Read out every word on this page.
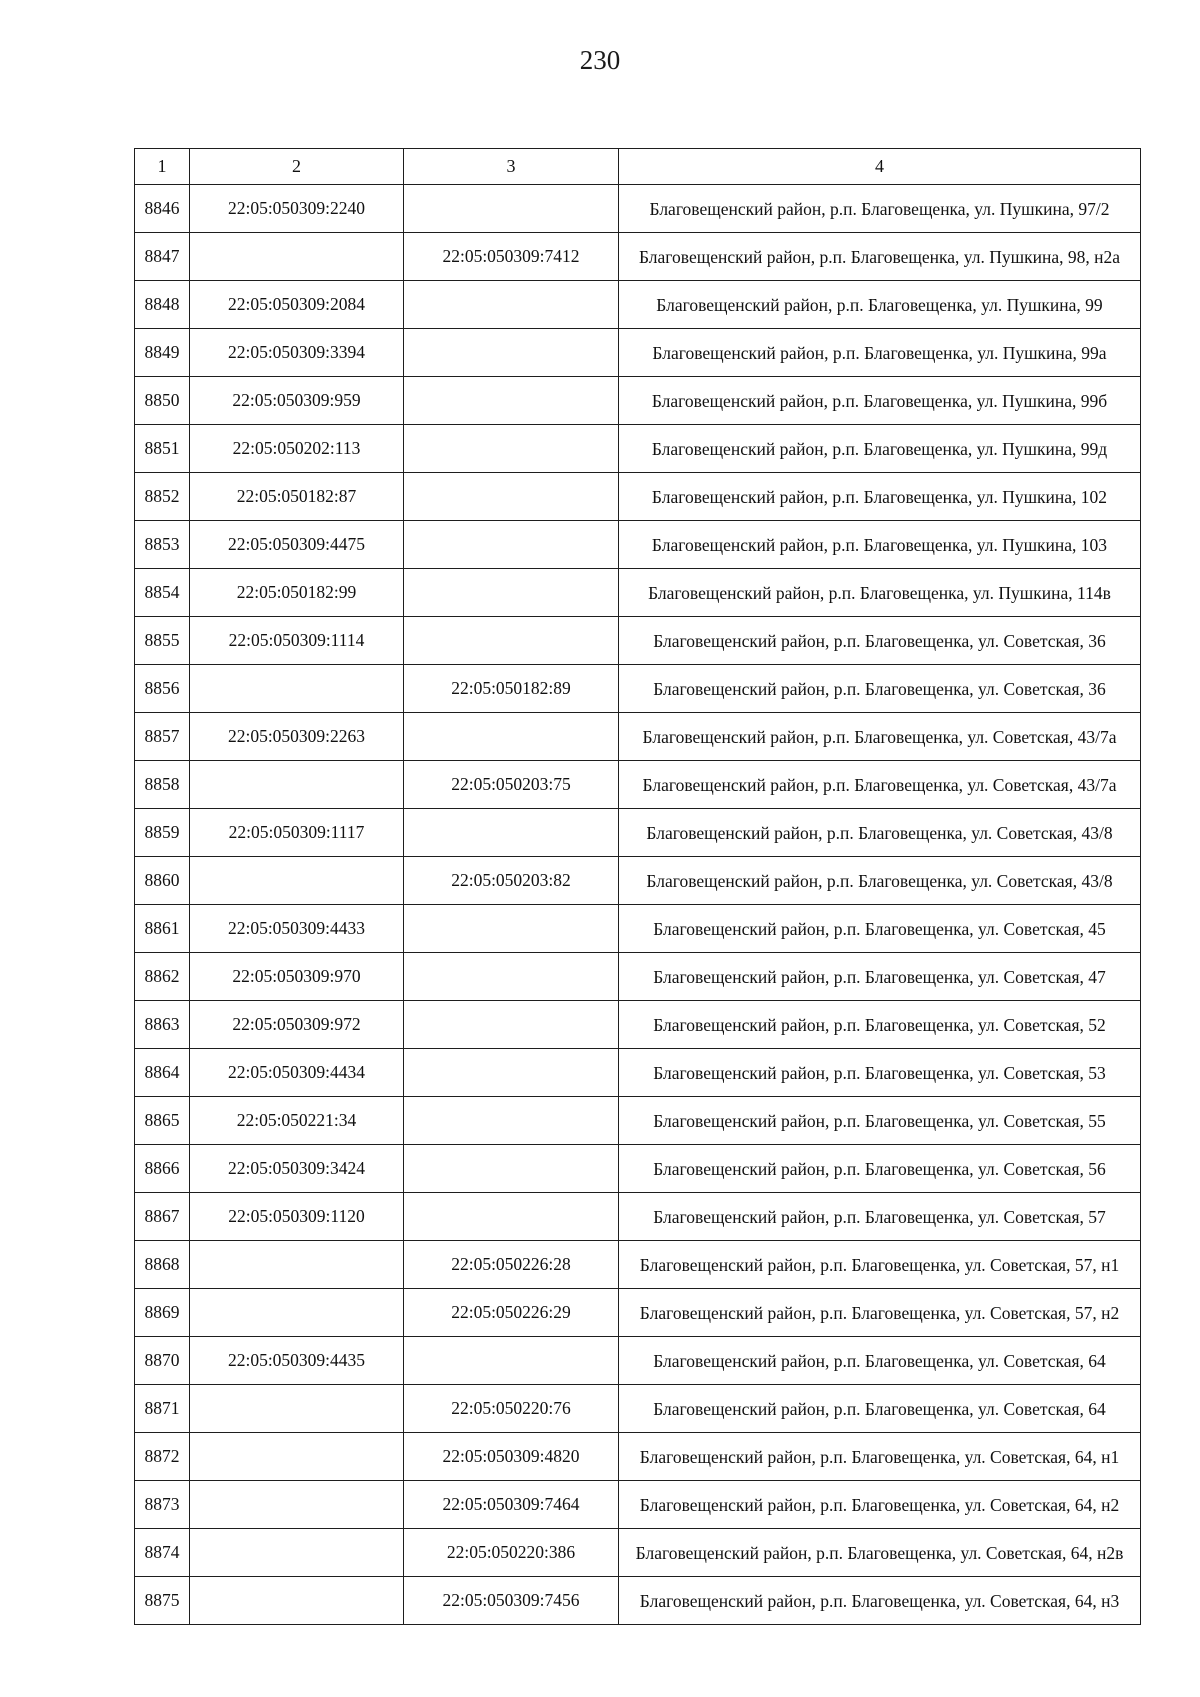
230
1	2	3	4
8846	22:05:050309:2240		Благовещенский район, р.п. Благовещенка, ул. Пушкина, 97/2
8847		22:05:050309:7412	Благовещенский район, р.п. Благовещенка, ул. Пушкина, 98, н2а
8848	22:05:050309:2084		Благовещенский район, р.п. Благовещенка, ул. Пушкина, 99
8849	22:05:050309:3394		Благовещенский район, р.п. Благовещенка, ул. Пушкина, 99а
8850	22:05:050309:959		Благовещенский район, р.п. Благовещенка, ул. Пушкина, 99б
8851	22:05:050202:113		Благовещенский район, р.п. Благовещенка, ул. Пушкина, 99д
8852	22:05:050182:87		Благовещенский район, р.п. Благовещенка, ул. Пушкина, 102
8853	22:05:050309:4475		Благовещенский район, р.п. Благовещенка, ул. Пушкина, 103
8854	22:05:050182:99		Благовещенский район, р.п. Благовещенка, ул. Пушкина, 114в
8855	22:05:050309:1114		Благовещенский район, р.п. Благовещенка, ул. Советская, 36
8856		22:05:050182:89	Благовещенский район, р.п. Благовещенка, ул. Советская, 36
8857	22:05:050309:2263		Благовещенский район, р.п. Благовещенка, ул. Советская, 43/7а
8858		22:05:050203:75	Благовещенский район, р.п. Благовещенка, ул. Советская, 43/7а
8859	22:05:050309:1117		Благовещенский район, р.п. Благовещенка, ул. Советская, 43/8
8860		22:05:050203:82	Благовещенский район, р.п. Благовещенка, ул. Советская, 43/8
8861	22:05:050309:4433		Благовещенский район, р.п. Благовещенка, ул. Советская, 45
8862	22:05:050309:970		Благовещенский район, р.п. Благовещенка, ул. Советская, 47
8863	22:05:050309:972		Благовещенский район, р.п. Благовещенка, ул. Советская, 52
8864	22:05:050309:4434		Благовещенский район, р.п. Благовещенка, ул. Советская, 53
8865	22:05:050221:34		Благовещенский район, р.п. Благовещенка, ул. Советская, 55
8866	22:05:050309:3424		Благовещенский район, р.п. Благовещенка, ул. Советская, 56
8867	22:05:050309:1120		Благовещенский район, р.п. Благовещенка, ул. Советская, 57
8868		22:05:050226:28	Благовещенский район, р.п. Благовещенка, ул. Советская, 57, н1
8869		22:05:050226:29	Благовещенский район, р.п. Благовещенка, ул. Советская, 57, н2
8870	22:05:050309:4435		Благовещенский район, р.п. Благовещенка, ул. Советская, 64
8871		22:05:050220:76	Благовещенский район, р.п. Благовещенка, ул. Советская, 64
8872		22:05:050309:4820	Благовещенский район, р.п. Благовещенка, ул. Советская, 64, н1
8873		22:05:050309:7464	Благовещенский район, р.п. Благовещенка, ул. Советская, 64, н2
8874		22:05:050220:386	Благовещенский район, р.п. Благовещенка, ул. Советская, 64, н2в
8875		22:05:050309:7456	Благовещенский район, р.п. Благовещенка, ул. Советская, 64, н3
